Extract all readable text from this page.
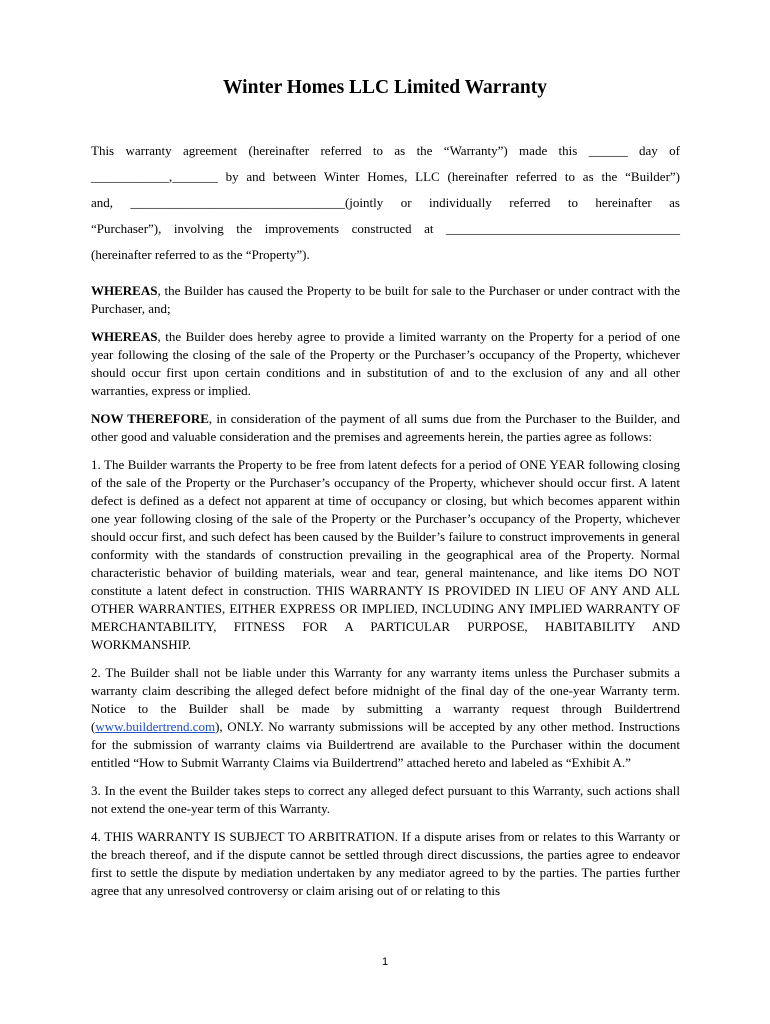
Winter Homes LLC Limited Warranty

This warranty agreement (hereinafter referred to as the “Warranty”) made this ______ day of

____________,_______ by and between Winter Homes, LLC (hereinafter referred to as the “Builder”)

and, _________________________________(jointly or individually referred to hereinafter as

“Purchaser”), involving the improvements constructed at ____________________________________

(hereinafter referred to as the “Property”).

WHEREAS, the Builder has caused the Property to be built for sale to the Purchaser or under contract with the Purchaser, and;

WHEREAS, the Builder does hereby agree to provide a limited warranty on the Property for a period of one year following the closing of the sale of the Property or the Purchaser’s occupancy of the Property, whichever should occur first upon certain conditions and in substitution of and to the exclusion of any and all other warranties, express or implied.

NOW THEREFORE, in consideration of the payment of all sums due from the Purchaser to the Builder, and other good and valuable consideration and the premises and agreements herein, the parties agree as follows:

1. The Builder warrants the Property to be free from latent defects for a period of ONE YEAR following closing of the sale of the Property or the Purchaser’s occupancy of the Property, whichever should occur first. A latent defect is defined as a defect not apparent at time of occupancy or closing, but which becomes apparent within one year following closing of the sale of the Property or the Purchaser’s occupancy of the Property, whichever should occur first, and such defect has been caused by the Builder’s failure to construct improvements in general conformity with the standards of construction prevailing in the geographical area of the Property. Normal characteristic behavior of building materials, wear and tear, general maintenance, and like items DO NOT constitute a latent defect in construction. THIS WARRANTY IS PROVIDED IN LIEU OF ANY AND ALL OTHER WARRANTIES, EITHER EXPRESS OR IMPLIED, INCLUDING ANY IMPLIED WARRANTY OF MERCHANTABILITY, FITNESS FOR A PARTICULAR PURPOSE, HABITABILITY AND WORKMANSHIP.

2. The Builder shall not be liable under this Warranty for any warranty items unless the Purchaser submits a warranty claim describing the alleged defect before midnight of the final day of the one-year Warranty term. Notice to the Builder shall be made by submitting a warranty request through Buildertrend (www.buildertrend.com), ONLY. No warranty submissions will be accepted by any other method. Instructions for the submission of warranty claims via Buildertrend are available to the Purchaser within the document entitled “How to Submit Warranty Claims via Buildertrend” attached hereto and labeled as “Exhibit A.”

3. In the event the Builder takes steps to correct any alleged defect pursuant to this Warranty, such actions shall not extend the one-year term of this Warranty.

4. THIS WARRANTY IS SUBJECT TO ARBITRATION. If a dispute arises from or relates to this Warranty or the breach thereof, and if the dispute cannot be settled through direct discussions, the parties agree to endeavor first to settle the dispute by mediation undertaken by any mediator agreed to by the parties. The parties further agree that any unresolved controversy or claim arising out of or relating to this

1
